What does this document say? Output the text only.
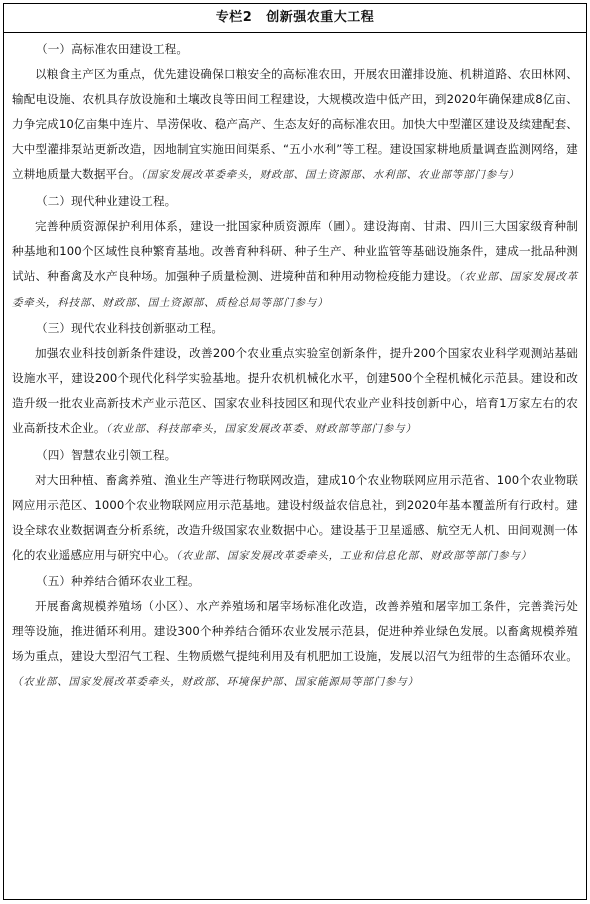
专栏2 创新强农重大工程
（一）高标准农田建设工程。
以粮食主产区为重点，优先建设确保口粮安全的高标准农田，开展农田灌排设施、机耕道路、农田林网、输配电设施、农机具存放设施和土壤改良等田间工程建设，大规模改造中低产田，到2020年确保建成8亿亩、力争完成10亿亩集中连片、旱涝保收、稳产高产、生态友好的高标准农田。加快大中型灌区建设及续建配套、大中型灌排泵站更新改造，因地制宜实施田间渠系、“五小水利”等工程。建设国家耕地质量调查监测网络，建立耕地质量大数据平台。（国家发展改革委牵头，财政部、国土资源部、水利部、农业部等部门参与）
（二）现代种业建设工程。
完善种质资源保护利用体系，建设一批国家种质资源库（圃）。建设海南、甘肃、四川三大国家级育种制种基地和100个区域性良种繁育基地。改善育种科研、种子生产、种业监管等基础设施条件，建成一批品种测试站、种畜禽及水产良种场。加强种子质量检测、进境种苗和种用动物检疫能力建设。（农业部、国家发展改革委牵头，科技部、财政部、国土资源部、质检总局等部门参与）
（三）现代农业科技创新驱动工程。
加强农业科技创新条件建设，改善200个农业重点实验室创新条件，提升200个国家农业科学观测站基础设施水平，建设200个现代化科学实验基地。提升农机机械化水平，创建500个全程机械化示范县。建设和改造升级一批农业高新技术产业示范区、国家农业科技园区和现代农业产业科技创新中心，培育1万家左右的农业高新技术企业。（农业部、科技部牵头，国家发展改革委、财政部等部门参与）
（四）智慧农业引领工程。
对大田种植、畜禽养殖、渔业生产等进行物联网改造，建成10个农业物联网应用示范省、100个农业物联网应用示范区、1000个农业物联网应用示范基地。建设村级益农信息社，到2020年基本覆盖所有行政村。建设全球农业数据调查分析系统，改造升级国家农业数据中心。建设基于卫星遥感、航空无人机、田间观测一体化的农业遥感应用与研究中心。（农业部、国家发展改革委牵头，工业和信息化部、财政部等部门参与）
（五）种养结合循环农业工程。
开展畜禽规模养殖场（小区）、水产养殖场和屠宰场标准化改造，改善养殖和屠宰加工条件，完善粪污处理等设施，推进循环利用。建设300个种养结合循环农业发展示范县，促进种养业绿色发展。以畜禽规模养殖场为重点，建设大型沼气工程、生物质燃气提纯利用及有机肥加工设施，发展以沼气为纽带的生态循环农业。（农业部、国家发展改革委牵头，财政部、环境保护部、国家能源局等部门参与）
